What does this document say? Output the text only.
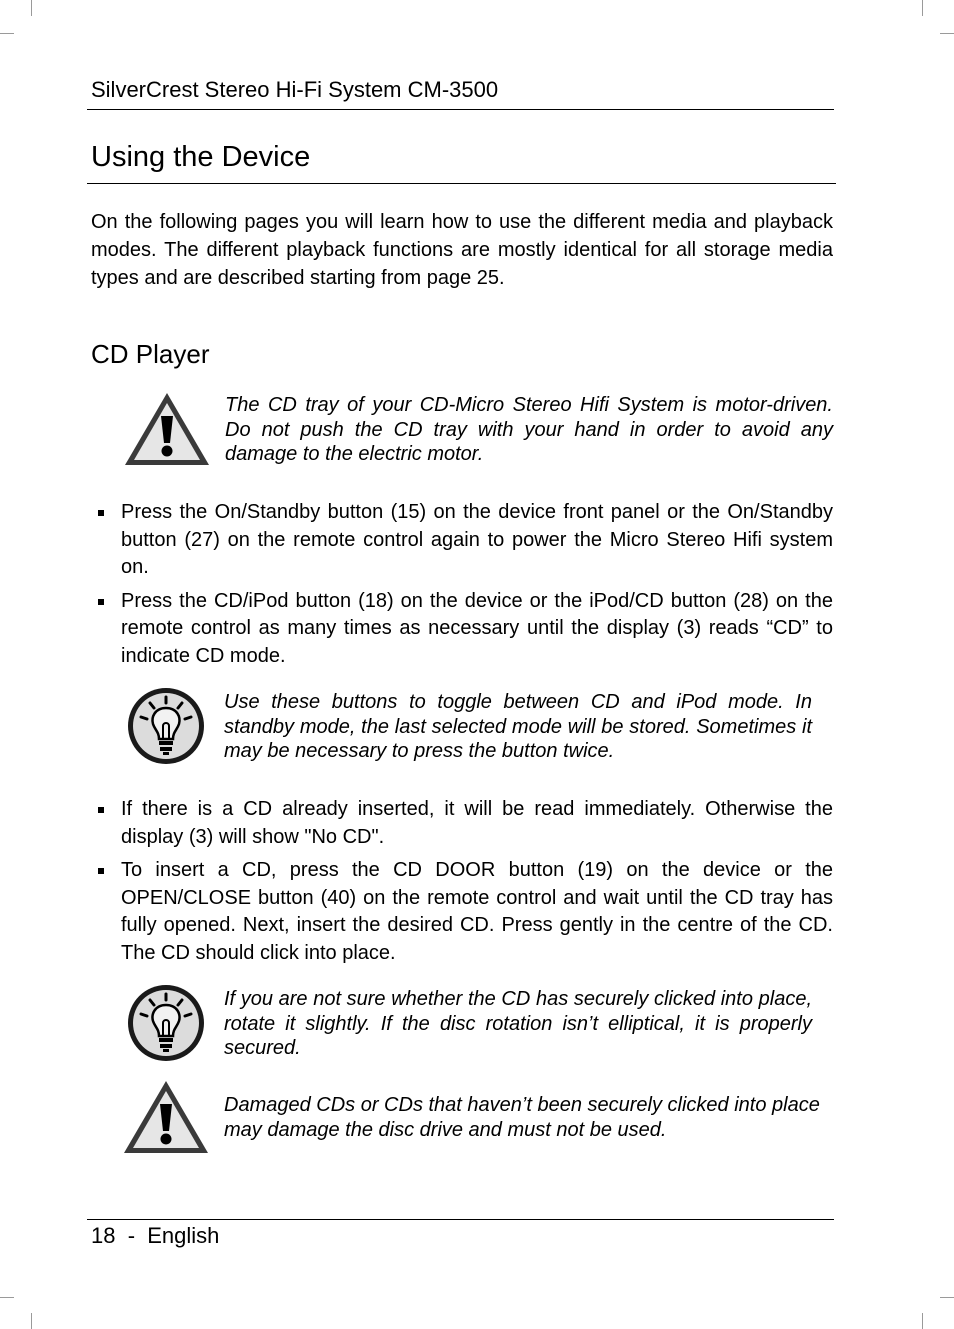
SilverCrest Stereo Hi-Fi System CM-3500
Using the Device
On the following pages you will learn how to use the different media and playback modes. The different playback functions are mostly identical for all storage media types and are described starting from page 25.
CD Player
The CD tray of your CD-Micro Stereo Hifi System is motor-driven. Do not push the CD tray with your hand in order to avoid any damage to the electric motor.
Press the On/Standby button (15) on the device front panel or the On/Standby button (27) on the remote control again to power the Micro Stereo Hifi system on.
Press the CD/iPod button (18) on the device or the iPod/CD button (28) on the remote control as many times as necessary until the display (3) reads “CD” to indicate CD mode.
Use these buttons to toggle between CD and iPod mode. In standby mode, the last selected mode will be stored. Sometimes it may be necessary to press the button twice.
If there is a CD already inserted, it will be read immediately. Otherwise the display (3) will show "No CD".
To insert a CD, press the CD DOOR button (19) on the device or the OPEN/CLOSE button (40) on the remote control and wait until the CD tray has fully opened. Next, insert the desired CD. Press gently in the centre of the CD. The CD should click into place.
If you are not sure whether the CD has securely clicked into place, rotate it slightly. If the disc rotation isn’t elliptical, it is properly secured.
Damaged CDs or CDs that haven’t been securely clicked into place may damage the disc drive and must not be used.
18  -  English
